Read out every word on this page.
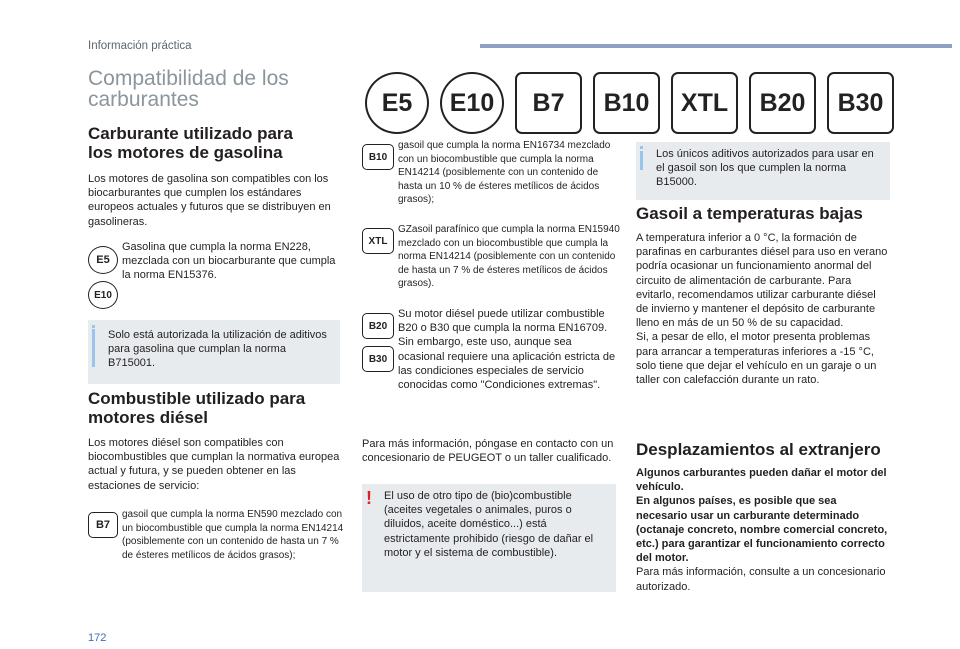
Información práctica
E5	E10	B7	B10	XTL	B20	B30
Compatibilidad de los
carburantes
Carburante utilizado para
los motores de gasolina
Los motores de gasolina son compatibles con los biocarburantes que cumplen los estándares europeos actuales y futuros que se distribuyen en gasolineras.
E5
E10
Gasolina que cumpla la norma EN228, mezclada con un biocarburante que cumpla la norma EN15376.
Solo está autorizada la utilización de aditivos para gasolina que cumplan la norma B715001.
Combustible utilizado para
motores diésel
Los motores diésel son compatibles con biocombustibles que cumplan la normativa europea actual y futura, y se pueden obtener en las estaciones de servicio:
B7
gasoil que cumpla la norma EN590 mezclado con un biocombustible que cumpla la norma EN14214 (posiblemente con un contenido de hasta un 7 % de ésteres metílicos de ácidos grasos);
B10
gasoil que cumpla la norma EN16734 mezclado con un biocombustible que cumpla la norma EN14214 (posiblemente con un contenido de hasta un 10 % de ésteres metílicos de ácidos grasos);
XTL
GZasoil parafínico que cumpla la norma EN15940 mezclado con un biocombustible que cumpla la norma EN14214 (posiblemente con un contenido de hasta un 7 % de ésteres metílicos de ácidos grasos).
B20
B30
Su motor diésel puede utilizar combustible B20 o B30 que cumpla la norma EN16709. Sin embargo, este uso, aunque sea ocasional requiere una aplicación estricta de las condiciones especiales de servicio conocidas como "Condiciones extremas".
Para más información, póngase en contacto con un concesionario de PEUGEOT o un taller cualificado.
! El uso de otro tipo de (bio)combustible (aceites vegetales o animales, puros o diluidos, aceite doméstico...) está estrictamente prohibido (riesgo de dañar el motor y el sistema de combustible).
Los únicos aditivos autorizados para usar en el gasoil son los que cumplen la norma B15000.
Gasoil a temperaturas bajas
A temperatura inferior a 0 °C, la formación de parafinas en carburantes diésel para uso en verano podría ocasionar un funcionamiento anormal del circuito de alimentación de carburante. Para evitarlo, recomendamos utilizar carburante diésel de invierno y mantener el depósito de carburante lleno en más de un 50 % de su capacidad.
Si, a pesar de ello, el motor presenta problemas para arrancar a temperaturas inferiores a -15 °C, solo tiene que dejar el vehículo en un garaje o un taller con calefacción durante un rato.
Desplazamientos al extranjero
Algunos carburantes pueden dañar el motor del vehículo.
En algunos países, es posible que sea necesario usar un carburante determinado (octanaje concreto, nombre comercial concreto, etc.) para garantizar el funcionamiento correcto del motor.
Para más información, consulte a un concesionario autorizado.
172
